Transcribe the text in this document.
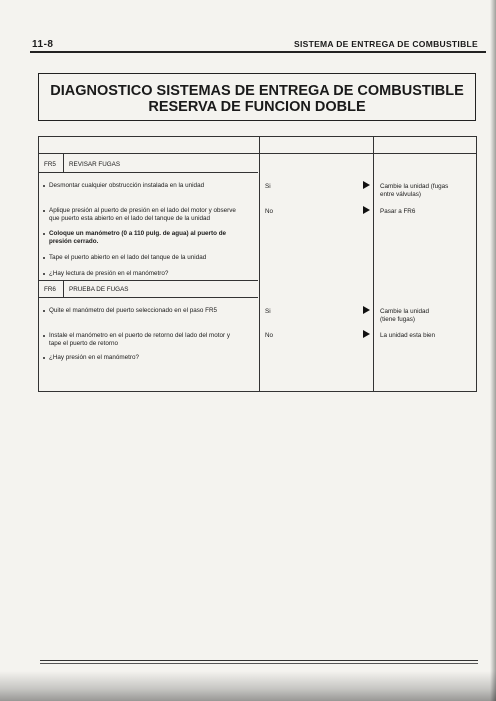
11-8	SISTEMA DE ENTREGA DE COMBUSTIBLE
DIAGNOSTICO SISTEMAS DE ENTREGA DE COMBUSTIBLE
RESERVA DE FUNCION DOBLE
FR5 REVISAR FUGAS
Desmontar cualquier obstrucción instalada en la unidad
Aplique presión al puerto de presión en el lado del motor y observe
que puerto esta abierto en el lado del tanque de la unidad
Coloque un manómetro (0 a 110 pulg. de agua) al puerto de
presión cerrado.
Tape el puerto abierto en el lado del tanque de la unidad
¿Hay lectura de presión en el manómetro?
Si	Cambie la unidad (fugas
entre válvulas)
No	Pasar a FR6
FR6 PRUEBA DE FUGAS
Quite el manómetro del puerto seleccionado en el paso FR5
Instale el manómetro en el puerto de retorno del lado del motor y
tape el puerto de retorno
¿Hay presión en el manómetro?
Si	Cambie la unidad
(tiene fugas)
No	La unidad esta bien
